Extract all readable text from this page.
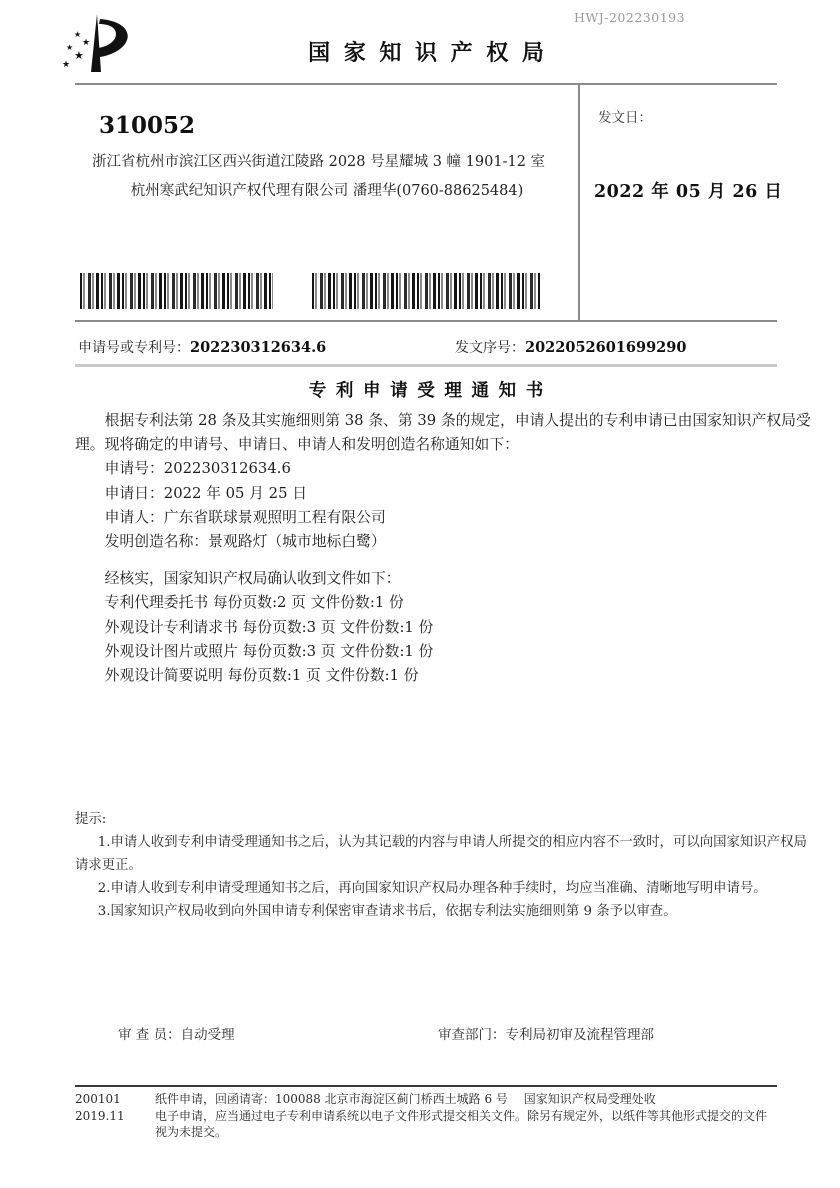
★
★
★
★
★
HWJ-202230193
国家知识产权局
310052
浙江省杭州市滨江区西兴街道江陵路 2028 号星耀城 3 幢 1901-12 室
杭州寒武纪知识产权代理有限公司 潘理华(0760-88625484)
发文日：
2022 年 05 月 26 日
申请号或专利号：202230312634.6	发文序号：2022052601699290
专利申请受理通知书

根据专利法第 28 条及其实施细则第 38 条、第 39 条的规定，申请人提出的专利申请已由国家知识产权局受理。现将确定的申请号、申请日、申请人和发明创造名称通知如下：

申请号：202230312634.6

申请日：2022 年 05 月 25 日

申请人：广东省联球景观照明工程有限公司

发明创造名称：景观路灯（城市地标白鹭）

经核实，国家知识产权局确认收到文件如下：

专利代理委托书 每份页数:2 页 文件份数:1 份

外观设计专利请求书 每份页数:3 页 文件份数:1 份

外观设计图片或照片 每份页数:3 页 文件份数:1 份

外观设计简要说明 每份页数:1 页 文件份数:1 份

提示:

1.申请人收到专利申请受理通知书之后，认为其记载的内容与申请人所提交的相应内容不一致时，可以向国家知识产权局请求更正。

2.申请人收到专利申请受理通知书之后，再向国家知识产权局办理各种手续时，均应当准确、清晰地写明申请号。

3.国家知识产权局收到向外国申请专利保密审查请求书后，依据专利法实施细则第 9 条予以审查。

审 查 员：自动受理	审查部门：专利局初审及流程管理部
200101	纸件申请，回函请寄：100088 北京市海淀区蓟门桥西土城路 6 号　 国家知识产权局受理处收
2019.11	电子申请，应当通过电子专利申请系统以电子文件形式提交相关文件。除另有规定外，以纸件等其他形式提交的文件视为未提交。
